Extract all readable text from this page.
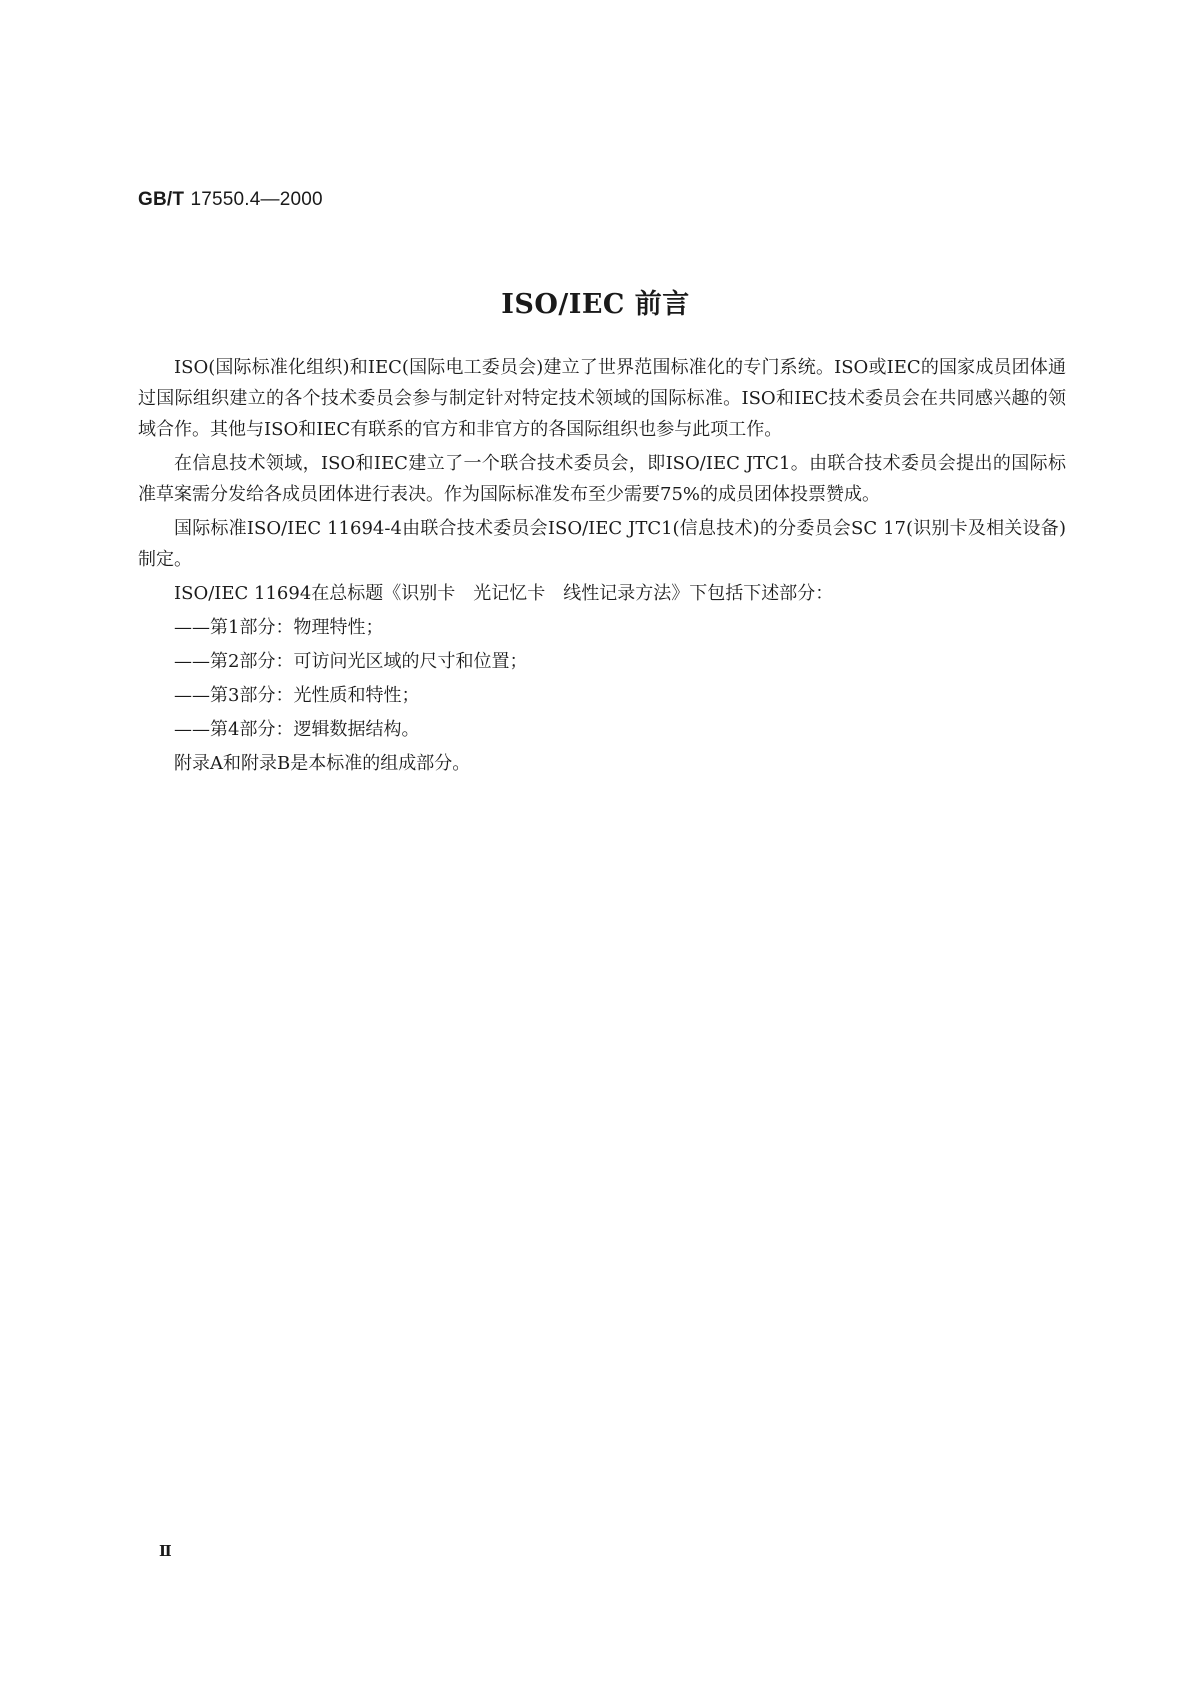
GB/T 17550.4—2000
ISO/IEC 前言

ISO(国际标准化组织)和IEC(国际电工委员会)建立了世界范围标准化的专门系统。ISO或IEC的国家成员团体通过国际组织建立的各个技术委员会参与制定针对特定技术领域的国际标准。ISO和IEC技术委员会在共同感兴趣的领域合作。其他与ISO和IEC有联系的官方和非官方的各国际组织也参与此项工作。

在信息技术领域，ISO和IEC建立了一个联合技术委员会，即ISO/IEC JTC1。由联合技术委员会提出的国际标准草案需分发给各成员团体进行表决。作为国际标准发布至少需要75%的成员团体投票赞成。

国际标准ISO/IEC 11694-4由联合技术委员会ISO/IEC JTC1(信息技术)的分委员会SC 17(识别卡及相关设备)制定。

ISO/IEC 11694在总标题《识别卡　光记忆卡　线性记录方法》下包括下述部分：

——第1部分：物理特性；

——第2部分：可访问光区域的尺寸和位置；

——第3部分：光性质和特性；

——第4部分：逻辑数据结构。

附录A和附录B是本标准的组成部分。

Ⅱ
